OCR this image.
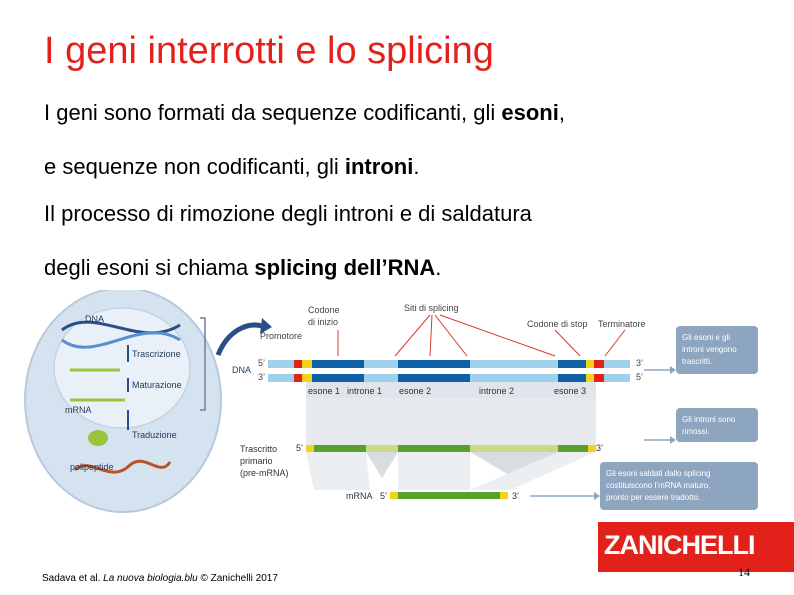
I geni interrotti e lo splicing
I geni sono formati da sequenze codificanti, gli esoni,
e sequenze non codificanti, gli introni.
Il processo di rimozione degli introni e di saldatura
degli esoni si chiama splicing dell’RNA.
DNA
Trascrizione
Maturazione
mRNA
Traduzione
polipeptide
Codone
di inizio
Promotore
Siti di splicing
Codone di stop Terminatore
DNA
5’
3’
3’
5’
esone 1 introne 1 esone 2	introne 2	esone 3
Trascritto
primario
(pre-mRNA)
5’	3’
mRNA 5’	3’
Gli esoni e gli
introni vengono
trascritti.
Gli introni sono
rimossi.
Gli esoni saldati dallo splicing
costituiscono l’mRNA maturo,
pronto per essere tradotto.
ZANICHELLI
Sadava et al. La nuova biologia.blu © Zanichelli 2017	14
